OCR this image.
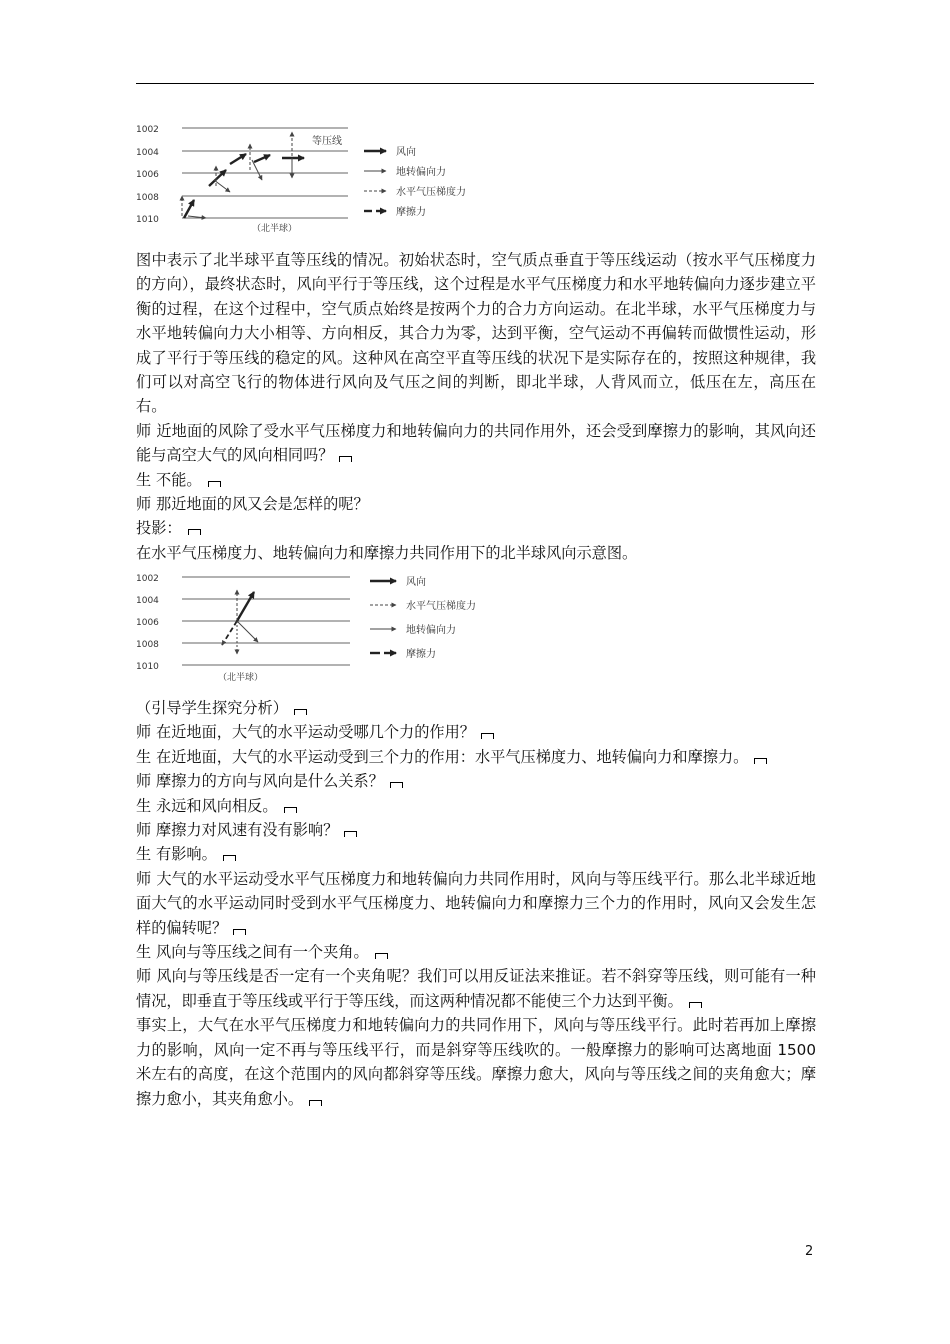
1002
1004
1006
1008
1010
等压线
（北半球）
风向
地转偏向力
水平气压梯度力
摩擦力

图中表示了北半球平直等压线的情况。初始状态时，空气质点垂直于等压线运动（按水平气压梯度力的方向），最终状态时，风向平行于等压线，这个过程是水平气压梯度力和水平地转偏向力逐步建立平衡的过程，在这个过程中，空气质点始终是按两个力的合力方向运动。在北半球，水平气压梯度力与水平地转偏向力大小相等、方向相反，其合力为零，达到平衡，空气运动不再偏转而做惯性运动，形成了平行于等压线的稳定的风。这种风在高空平直等压线的状况下是实际存在的，按照这种规律，我们可以对高空飞行的物体进行风向及气压之间的判断，即北半球，人背风而立，低压在左，高压在右。

师 近地面的风除了受水平气压梯度力和地转偏向力的共同作用外，还会受到摩擦力的影响，其风向还能与高空大气的风向相同吗？

生 不能。

师 那近地面的风又会是怎样的呢？

投影：

在水平气压梯度力、地转偏向力和摩擦力共同作用下的北半球风向示意图。

1002
1004
1006
1008
1010
（北半球）
风向
水平气压梯度力
地转偏向力
摩擦力

（引导学生探究分析）

师 在近地面，大气的水平运动受哪几个力的作用？

生 在近地面，大气的水平运动受到三个力的作用：水平气压梯度力、地转偏向力和摩擦力。

师 摩擦力的方向与风向是什么关系？

生 永远和风向相反。

师 摩擦力对风速有没有影响？

生 有影响。

师 大气的水平运动受水平气压梯度力和地转偏向力共同作用时，风向与等压线平行。那么北半球近地面大气的水平运动同时受到水平气压梯度力、地转偏向力和摩擦力三个力的作用时，风向又会发生怎样的偏转呢？

生 风向与等压线之间有一个夹角。

师 风向与等压线是否一定有一个夹角呢？我们可以用反证法来推证。若不斜穿等压线，则可能有一种情况，即垂直于等压线或平行于等压线，而这两种情况都不能使三个力达到平衡。

事实上，大气在水平气压梯度力和地转偏向力的共同作用下，风向与等压线平行。此时若再加上摩擦力的影响，风向一定不再与等压线平行，而是斜穿等压线吹的。一般摩擦力的影响可达离地面 1500 米左右的高度，在这个范围内的风向都斜穿等压线。摩擦力愈大，风向与等压线之间的夹角愈大；摩擦力愈小，其夹角愈小。

2
